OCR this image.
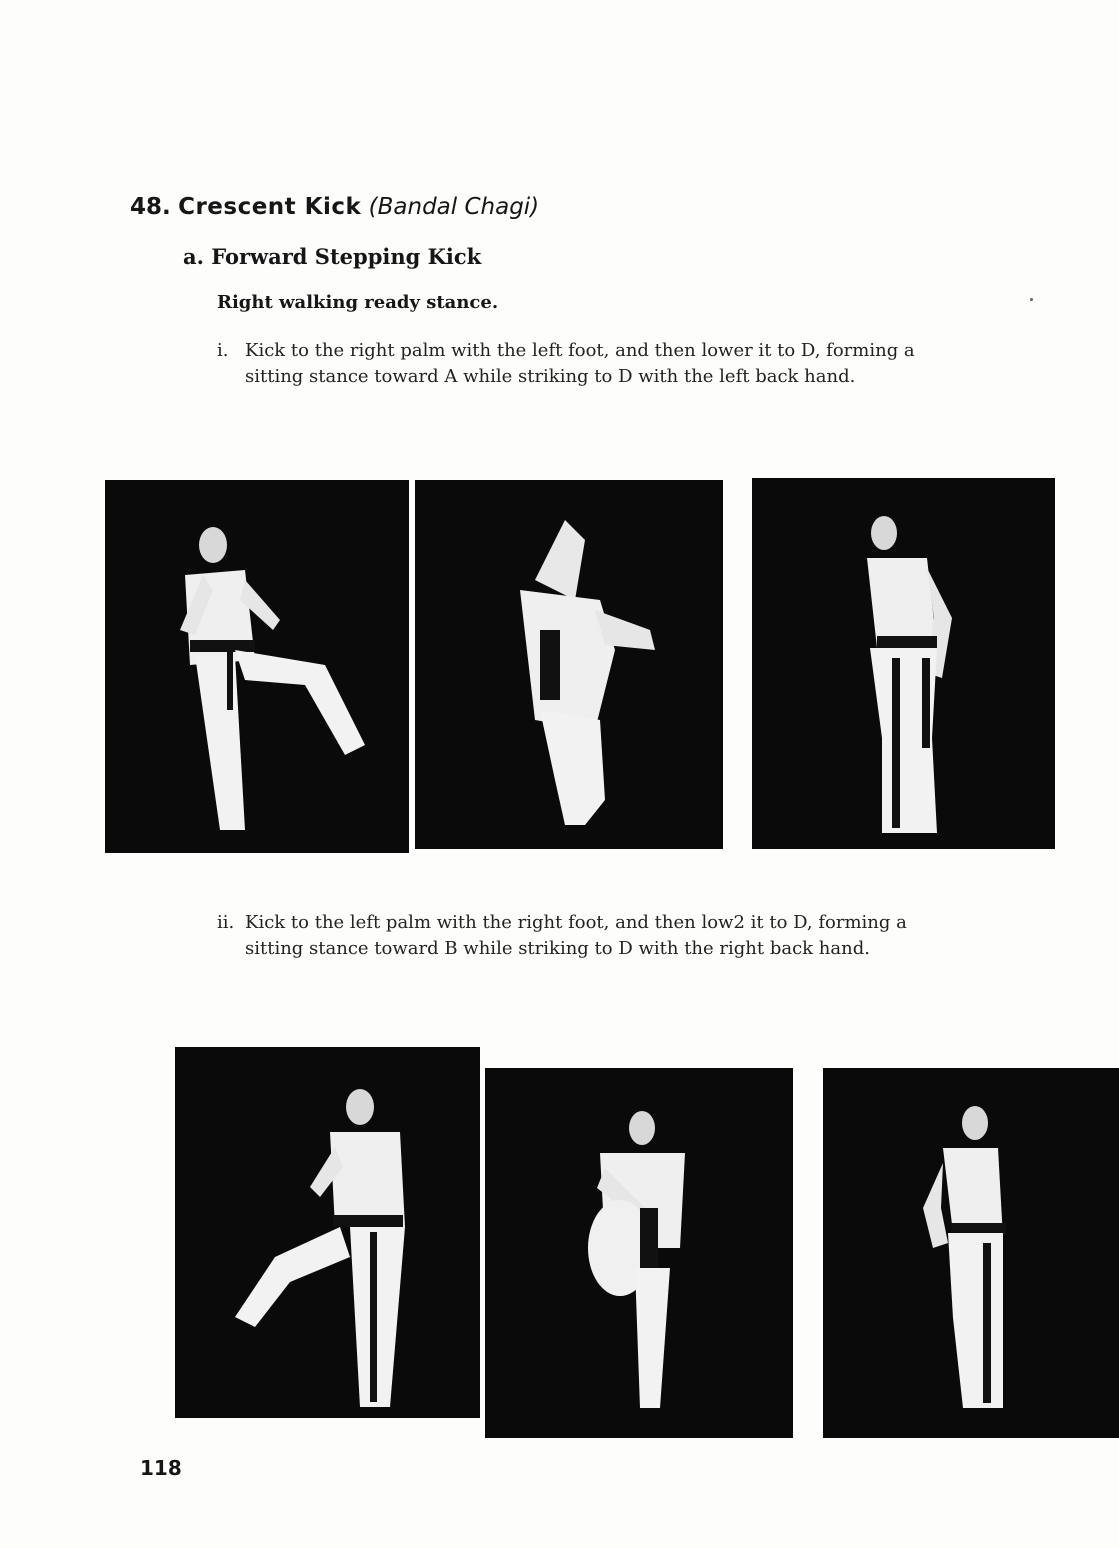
48. Crescent Kick (Bandal Chagi)
a. Forward Stepping Kick
Right walking ready stance.
i. Kick to the right palm with the left foot, and then lower it to D, forming a sitting stance toward A while striking to D with the left back hand.
ii. Kick to the left palm with the right foot, and then low2 it to D, forming a sitting stance toward B while striking to D with the right back hand.
118
